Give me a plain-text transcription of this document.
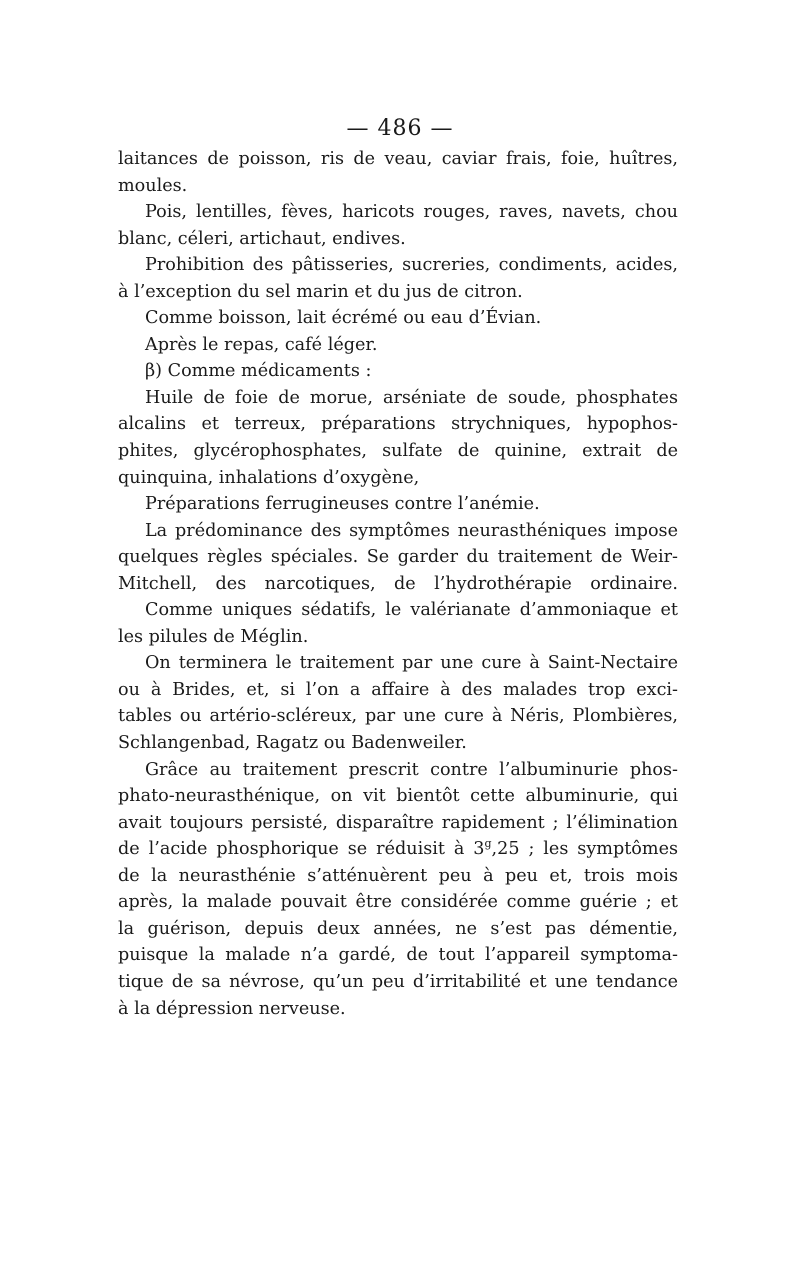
— 486 —
laitances de poisson, ris de veau, caviar frais, foie, huîtres,
moules.
Pois, lentilles, fèves, haricots rouges, raves, navets, chou
blanc, céleri, artichaut, endives.
Prohibition des pâtisseries, sucreries, condiments, acides,
à l’exception du sel marin et du jus de citron.
Comme boisson, lait écrémé ou eau d’Évian.
Après le repas, café léger.
β) Comme médicaments :
Huile de foie de morue, arséniate de soude, phosphates
alcalins et terreux, préparations strychniques, hypophos-
phites, glycérophosphates, sulfate de quinine, extrait de
quinquina, inhalations d’oxygène,
Préparations ferrugineuses contre l’anémie.
La prédominance des symptômes neurasthéniques impose
quelques règles spéciales. Se garder du traitement de Weir-
Mitchell, des narcotiques, de l’hydrothérapie ordinaire.
Comme uniques sédatifs, le valérianate d’ammoniaque et
les pilules de Méglin.
On terminera le traitement par une cure à Saint-Nectaire
ou à Brides, et, si l’on a affaire à des malades trop exci-
tables ou artério-scléreux, par une cure à Néris, Plombières,
Schlangenbad, Ragatz ou Badenweiler.
Grâce au traitement prescrit contre l’albuminurie phos-
phato-neurasthénique, on vit bientôt cette albuminurie, qui
avait toujours persisté, disparaître rapidement ; l’élimination
de l’acide phosphorique se réduisit à 3$^g$,25 ; les symptômes
de la neurasthénie s’atténuèrent peu à peu et, trois mois
après, la malade pouvait être considérée comme guérie ; et
la guérison, depuis deux années, ne s’est pas démentie,
puisque la malade n’a gardé, de tout l’appareil symptoma-
tique de sa névrose, qu’un peu d’irritabilité et une tendance
à la dépression nerveuse.
